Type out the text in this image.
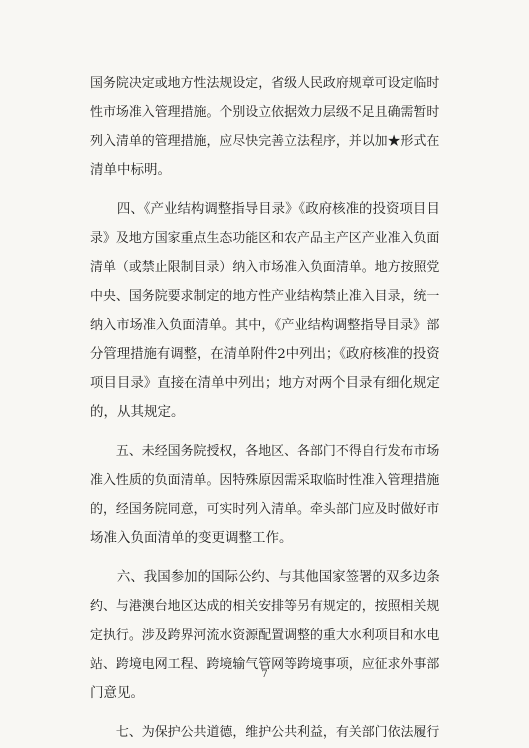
国务院决定或地方性法规设定，省级人民政府规章可设定临时
性市场准入管理措施。个别设立依据效力层级不足且确需暂时
列入清单的管理措施，应尽快完善立法程序，并以加★形式在
清单中标明。
　　四、《产业结构调整指导目录》《政府核准的投资项目目
录》及地方国家重点生态功能区和农产品主产区产业准入负面
清单（或禁止限制目录）纳入市场准入负面清单。地方按照党
中央、国务院要求制定的地方性产业结构禁止准入目录，统一
纳入市场准入负面清单。其中，《产业结构调整指导目录》部
分管理措施有调整，在清单附件2中列出；《政府核准的投资
项目目录》直接在清单中列出；地方对两个目录有细化规定
的，从其规定。
　　五、未经国务院授权，各地区、各部门不得自行发布市场
准入性质的负面清单。因特殊原因需采取临时性准入管理措施
的，经国务院同意，可实时列入清单。牵头部门应及时做好市
场准入负面清单的变更调整工作。
　　六、我国参加的国际公约、与其他国家签署的双多边条
约、与港澳台地区达成的相关安排等另有规定的，按照相关规
定执行。涉及跨界河流水资源配置调整的重大水利项目和水电
站、跨境电网工程、跨境输气管网等跨境事项，应征求外事部
门意见。
　　七、为保护公共道德，维护公共利益，有关部门依法履行
7
